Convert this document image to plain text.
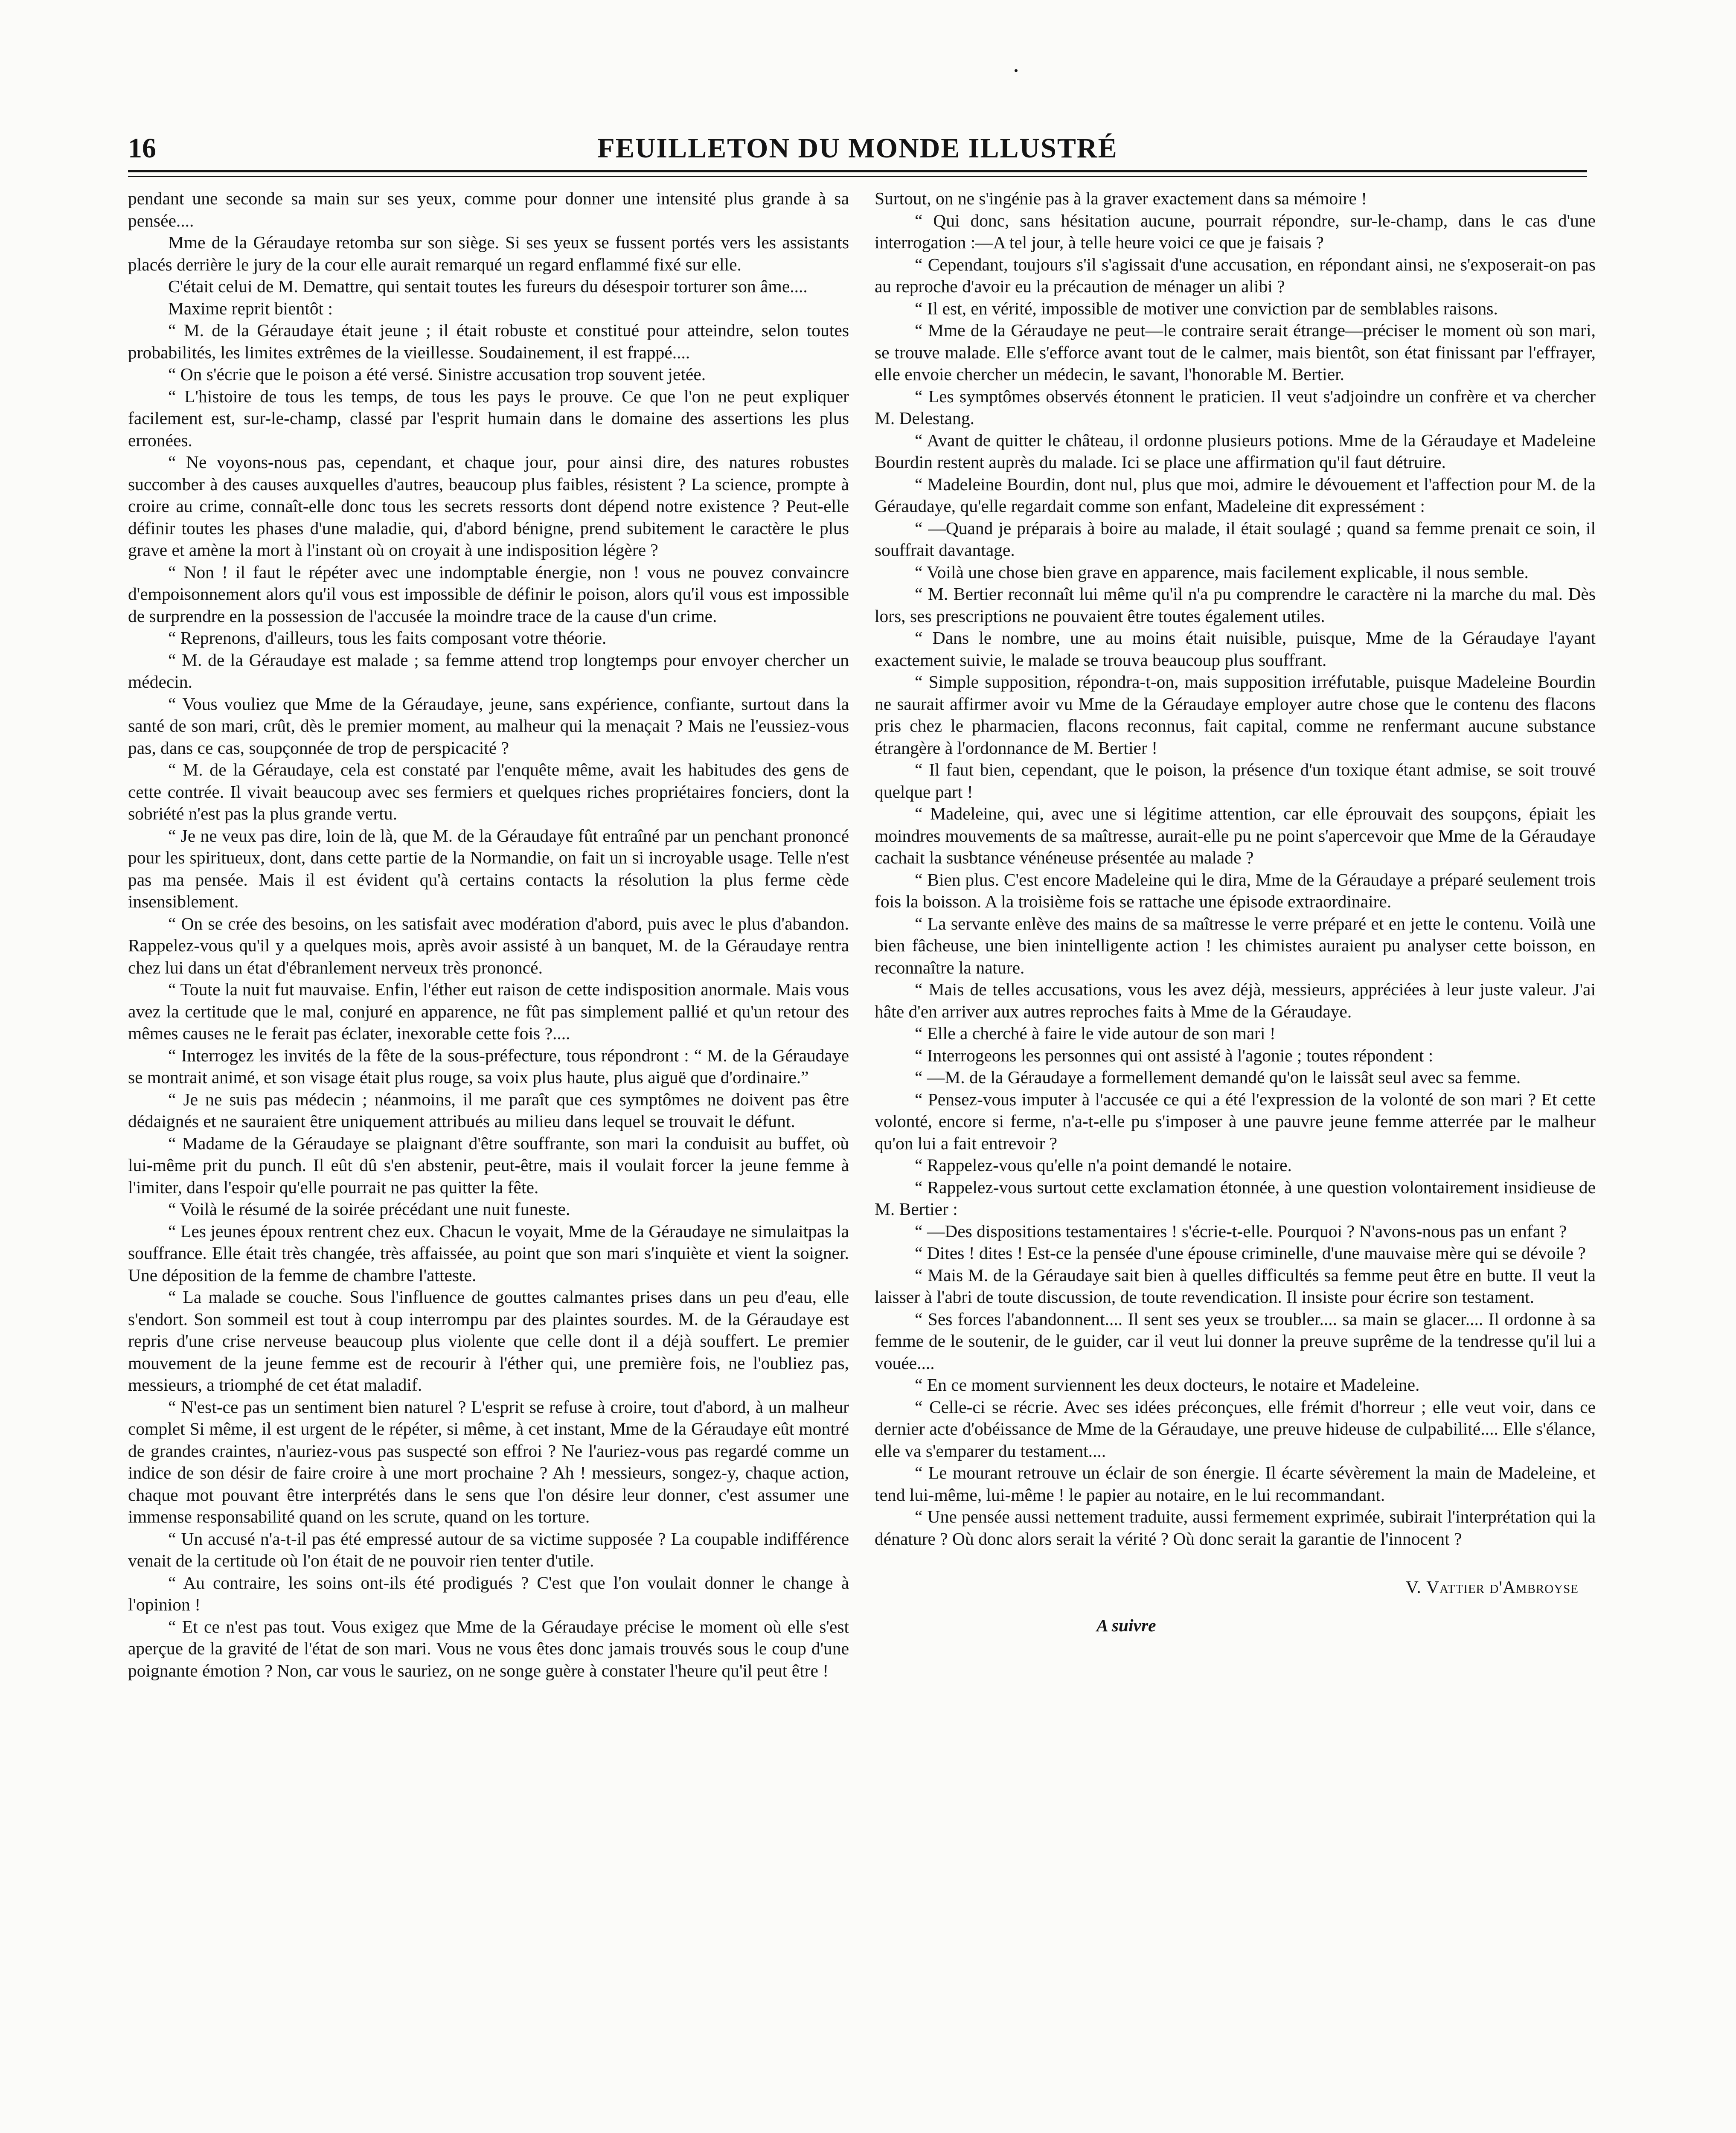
16	FEUILLETON DU MONDE ILLUSTRÉ

pendant une seconde sa main sur ses yeux, comme pour donner une intensité plus grande à sa pensée....

Mme de la Géraudaye retomba sur son siège. Si ses yeux se fussent portés vers les assistants placés derrière le jury de la cour elle aurait remarqué un regard enflammé fixé sur elle.

C'était celui de M. Demattre, qui sentait toutes les fureurs du désespoir torturer son âme....

Maxime reprit bientôt :

“ M. de la Géraudaye était jeune ; il était robuste et constitué pour atteindre, selon toutes probabilités, les limites extrêmes de la vieillesse. Soudainement, il est frappé....

“ On s'écrie que le poison a été versé. Sinistre accusation trop souvent jetée.

“ L'histoire de tous les temps, de tous les pays le prouve. Ce que l'on ne peut expliquer facilement est, sur-le-champ, classé par l'esprit humain dans le domaine des assertions les plus erronées.

“ Ne voyons-nous pas, cependant, et chaque jour, pour ainsi dire, des natures robustes succomber à des causes auxquelles d'autres, beaucoup plus faibles, résistent ? La science, prompte à croire au crime, connaît-elle donc tous les secrets ressorts dont dépend notre existence ? Peut-elle définir toutes les phases d'une maladie, qui, d'abord bénigne, prend subitement le caractère le plus grave et amène la mort à l'instant où on croyait à une indisposition légère ?

“ Non ! il faut le répéter avec une indomptable énergie, non ! vous ne pouvez convaincre d'empoisonnement alors qu'il vous est impossible de définir le poison, alors qu'il vous est impossible de surprendre en la possession de l'accusée la moindre trace de la cause d'un crime.

“ Reprenons, d'ailleurs, tous les faits composant votre théorie.

“ M. de la Géraudaye est malade ; sa femme attend trop longtemps pour envoyer chercher un médecin.

“ Vous vouliez que Mme de la Géraudaye, jeune, sans expérience, confiante, surtout dans la santé de son mari, crût, dès le premier moment, au malheur qui la menaçait ? Mais ne l'eussiez-vous pas, dans ce cas, soupçonnée de trop de perspicacité ?

“ M. de la Géraudaye, cela est constaté par l'enquête même, avait les habitudes des gens de cette contrée. Il vivait beaucoup avec ses fermiers et quelques riches propriétaires fonciers, dont la sobriété n'est pas la plus grande vertu.

“ Je ne veux pas dire, loin de là, que M. de la Géraudaye fût entraîné par un penchant prononcé pour les spiritueux, dont, dans cette partie de la Normandie, on fait un si incroyable usage. Telle n'est pas ma pensée. Mais il est évident qu'à certains contacts la résolution la plus ferme cède insensiblement.

“ On se crée des besoins, on les satisfait avec modération d'abord, puis avec le plus d'abandon. Rappelez-vous qu'il y a quelques mois, après avoir assisté à un banquet, M. de la Géraudaye rentra chez lui dans un état d'ébranlement nerveux très prononcé.

“ Toute la nuit fut mauvaise. Enfin, l'éther eut raison de cette indisposition anormale. Mais vous avez la certitude que le mal, conjuré en apparence, ne fût pas simplement pallié et qu'un retour des mêmes causes ne le ferait pas éclater, inexorable cette fois ?....

“ Interrogez les invités de la fête de la sous-préfecture, tous répondront : “ M. de la Géraudaye se montrait animé, et son visage était plus rouge, sa voix plus haute, plus aiguë que d'ordinaire.”

“ Je ne suis pas médecin ; néanmoins, il me paraît que ces symptômes ne doivent pas être dédaignés et ne sauraient être uniquement attribués au milieu dans lequel se trouvait le défunt.

“ Madame de la Géraudaye se plaignant d'être souffrante, son mari la conduisit au buffet, où lui-même prit du punch. Il eût dû s'en abstenir, peut-être, mais il voulait forcer la jeune femme à l'imiter, dans l'espoir qu'elle pourrait ne pas quitter la fête.

“ Voilà le résumé de la soirée précédant une nuit funeste.

“ Les jeunes époux rentrent chez eux. Chacun le voyait, Mme de la Géraudaye ne simulaitpas la souffrance. Elle était très changée, très affaissée, au point que son mari s'inquiète et vient la soigner. Une déposition de la femme de chambre l'atteste.

“ La malade se couche. Sous l'influence de gouttes calmantes prises dans un peu d'eau, elle s'endort. Son sommeil est tout à coup interrompu par des plaintes sourdes. M. de la Géraudaye est repris d'une crise nerveuse beaucoup plus violente que celle dont il a déjà souffert. Le premier mouvement de la jeune femme est de recourir à l'éther qui, une première fois, ne l'oubliez pas, messieurs, a triomphé de cet état maladif.

“ N'est-ce pas un sentiment bien naturel ? L'esprit se refuse à croire, tout d'abord, à un malheur complet Si même, il est urgent de le répéter, si même, à cet instant, Mme de la Géraudaye eût montré de grandes craintes, n'auriez-vous pas suspecté son effroi ? Ne l'auriez-vous pas regardé comme un indice de son désir de faire croire à une mort prochaine ? Ah ! messieurs, songez-y, chaque action, chaque mot pouvant être interprétés dans le sens que l'on désire leur donner, c'est assumer une immense responsabilité quand on les scrute, quand on les torture.

“ Un accusé n'a-t-il pas été empressé autour de sa victime supposée ? La coupable indifférence venait de la certitude où l'on était de ne pouvoir rien tenter d'utile.

“ Au contraire, les soins ont-ils été prodigués ? C'est que l'on voulait donner le change à l'opinion !

“ Et ce n'est pas tout. Vous exigez que Mme de la Géraudaye précise le moment où elle s'est aperçue de la gravité de l'état de son mari. Vous ne vous êtes donc jamais trouvés sous le coup d'une poignante émotion ? Non, car vous le sauriez, on ne songe guère à constater l'heure qu'il peut être !

Surtout, on ne s'ingénie pas à la graver exactement dans sa mémoire !

“ Qui donc, sans hésitation aucune, pourrait répondre, sur-le-champ, dans le cas d'une interrogation :—A tel jour, à telle heure voici ce que je faisais ?

“ Cependant, toujours s'il s'agissait d'une accusation, en répondant ainsi, ne s'exposerait-on pas au reproche d'avoir eu la précaution de ménager un alibi ?

“ Il est, en vérité, impossible de motiver une conviction par de semblables raisons.

“ Mme de la Géraudaye ne peut—le contraire serait étrange—préciser le moment où son mari, se trouve malade. Elle s'efforce avant tout de le calmer, mais bientôt, son état finissant par l'effrayer, elle envoie chercher un médecin, le savant, l'honorable M. Bertier.

“ Les symptômes observés étonnent le praticien. Il veut s'adjoindre un confrère et va chercher M. Delestang.

“ Avant de quitter le château, il ordonne plusieurs potions. Mme de la Géraudaye et Madeleine Bourdin restent auprès du malade. Ici se place une affirmation qu'il faut détruire.

“ Madeleine Bourdin, dont nul, plus que moi, admire le dévouement et l'affection pour M. de la Géraudaye, qu'elle regardait comme son enfant, Madeleine dit expressément :

“ —Quand je préparais à boire au malade, il était soulagé ; quand sa femme prenait ce soin, il souffrait davantage.

“ Voilà une chose bien grave en apparence, mais facilement explicable, il nous semble.

“ M. Bertier reconnaît lui même qu'il n'a pu comprendre le caractère ni la marche du mal. Dès lors, ses prescriptions ne pouvaient être toutes également utiles.

“ Dans le nombre, une au moins était nuisible, puisque, Mme de la Géraudaye l'ayant exactement suivie, le malade se trouva beaucoup plus souffrant.

“ Simple supposition, répondra-t-on, mais supposition irréfutable, puisque Madeleine Bourdin ne saurait affirmer avoir vu Mme de la Géraudaye employer autre chose que le contenu des flacons pris chez le pharmacien, flacons reconnus, fait capital, comme ne renfermant aucune substance étrangère à l'ordonnance de M. Bertier !

“ Il faut bien, cependant, que le poison, la présence d'un toxique étant admise, se soit trouvé quelque part !

“ Madeleine, qui, avec une si légitime attention, car elle éprouvait des soupçons, épiait les moindres mouvements de sa maîtresse, aurait-elle pu ne point s'apercevoir que Mme de la Géraudaye cachait la susbtance vénéneuse présentée au malade ?

“ Bien plus. C'est encore Madeleine qui le dira, Mme de la Géraudaye a préparé seulement trois fois la boisson. A la troisième fois se rattache une épisode extraordinaire.

“ La servante enlève des mains de sa maîtresse le verre préparé et en jette le contenu. Voilà une bien fâcheuse, une bien inintelligente action ! les chimistes auraient pu analyser cette boisson, en reconnaître la nature.

“ Mais de telles accusations, vous les avez déjà, messieurs, appréciées à leur juste valeur. J'ai hâte d'en arriver aux autres reproches faits à Mme de la Géraudaye.

“ Elle a cherché à faire le vide autour de son mari !

“ Interrogeons les personnes qui ont assisté à l'agonie ; toutes répondent :

“ —M. de la Géraudaye a formellement demandé qu'on le laissât seul avec sa femme.

“ Pensez-vous imputer à l'accusée ce qui a été l'expression de la volonté de son mari ? Et cette volonté, encore si ferme, n'a-t-elle pu s'imposer à une pauvre jeune femme atterrée par le malheur qu'on lui a fait entrevoir ?

“ Rappelez-vous qu'elle n'a point demandé le notaire.

“ Rappelez-vous surtout cette exclamation étonnée, à une question volontairement insidieuse de M. Bertier :

“ —Des dispositions testamentaires ! s'écrie-t-elle. Pourquoi ? N'avons-nous pas un enfant ?

“ Dites ! dites ! Est-ce la pensée d'une épouse criminelle, d'une mauvaise mère qui se dévoile ?

“ Mais M. de la Géraudaye sait bien à quelles difficultés sa femme peut être en butte. Il veut la laisser à l'abri de toute discussion, de toute revendication. Il insiste pour écrire son testament.

“ Ses forces l'abandonnent.... Il sent ses yeux se troubler.... sa main se glacer.... Il ordonne à sa femme de le soutenir, de le guider, car il veut lui donner la preuve suprême de la tendresse qu'il lui a vouée....

“ En ce moment surviennent les deux docteurs, le notaire et Madeleine.

“ Celle-ci se récrie. Avec ses idées préconçues, elle frémit d'horreur ; elle veut voir, dans ce dernier acte d'obéissance de Mme de la Géraudaye, une preuve hideuse de culpabilité.... Elle s'élance, elle va s'emparer du testament....

“ Le mourant retrouve un éclair de son énergie. Il écarte sévèrement la main de Madeleine, et tend lui-même, lui-même ! le papier au notaire, en le lui recommandant.

“ Une pensée aussi nettement traduite, aussi fermement exprimée, subirait l'interprétation qui la dénature ? Où donc alors serait la vérité ? Où donc serait la garantie de l'innocent ?

V. Vattier d'Ambroyse

A suivre
